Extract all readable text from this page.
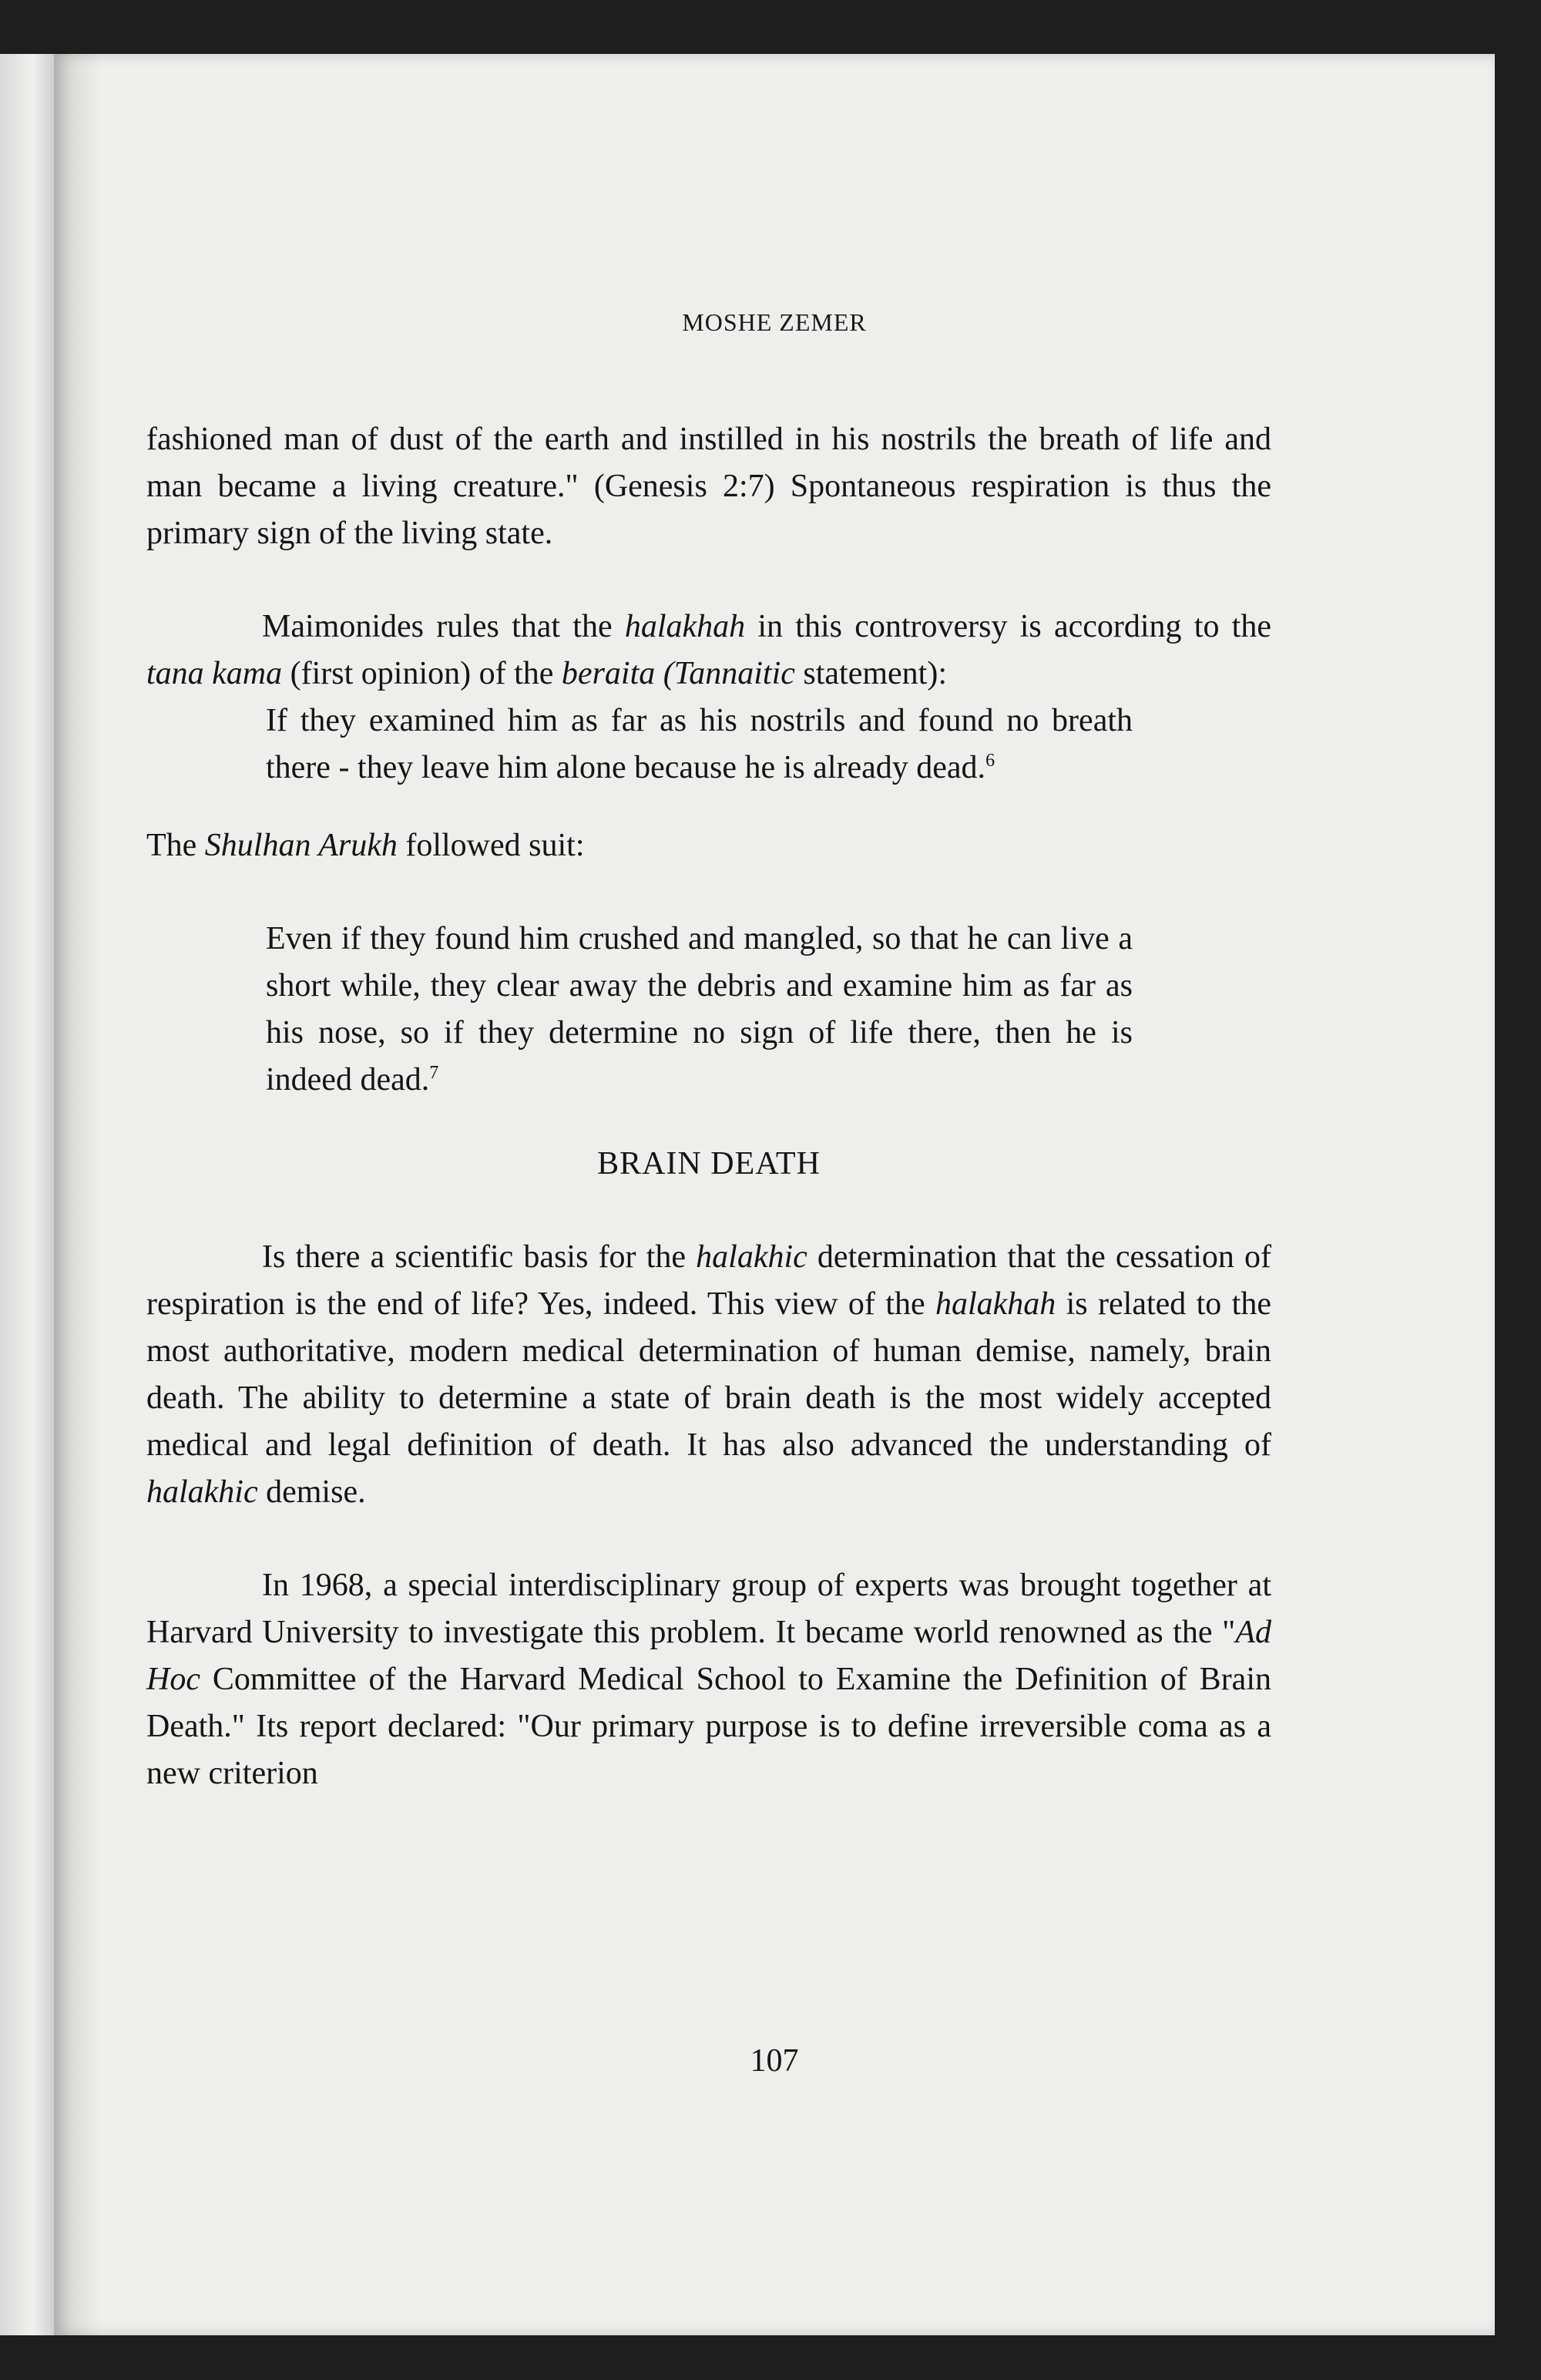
MOSHE ZEMER

fashioned man of dust of the earth and instilled in his nostrils the breath of life and man became a living creature." (Genesis 2:7) Spontaneous respiration is thus the primary sign of the living state.

Maimonides rules that the halakhah in this controversy is according to the tana kama (first opinion) of the beraita (Tannaitic statement):

If they examined him as far as his nostrils and found no breath there - they leave him alone because he is already dead.$^6$

The Shulhan Arukh followed suit:

Even if they found him crushed and mangled, so that he can live a short while, they clear away the debris and examine him as far as his nose, so if they determine no sign of life there, then he is indeed dead.$^7$

BRAIN DEATH

Is there a scientific basis for the halakhic determination that the cessation of respiration is the end of life? Yes, indeed. This view of the halakhah is related to the most authoritative, modern medical determination of human demise, namely, brain death. The ability to determine a state of brain death is the most widely accepted medical and legal definition of death. It has also advanced the understanding of halakhic demise.

In 1968, a special interdisciplinary group of experts was brought together at Harvard University to investigate this problem. It became world renowned as the "Ad Hoc Committee of the Harvard Medical School to Examine the Definition of Brain Death." Its report declared: "Our primary purpose is to define irreversible coma as a new criterion

107
